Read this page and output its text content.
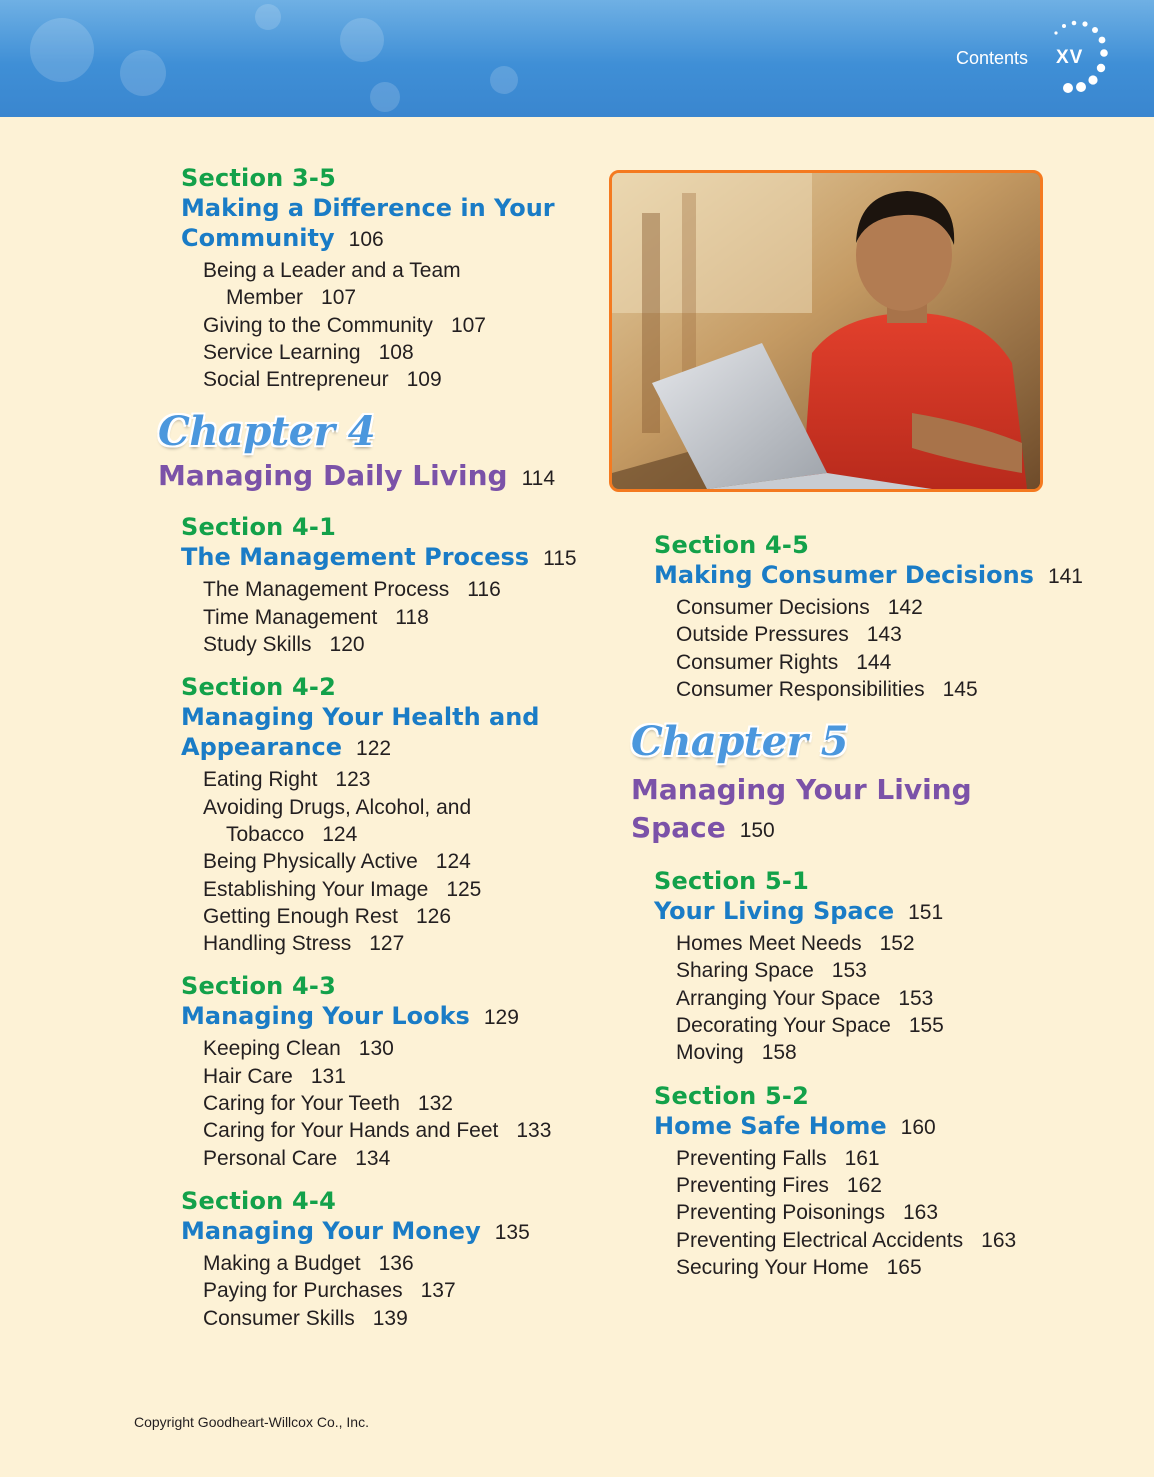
Contents XV
Section 3-5
Making a Difference in Your
Community 106
Being a Leader and a Team
Member 107
Giving to the Community 107
Service Learning 108
Social Entrepreneur 109
Chapter 4
Managing Daily Living 114
Section 4-1
The Management Process 115
The Management Process 116
Time Management 118
Study Skills 120
Section 4-2
Managing Your Health and
Appearance 122
Eating Right 123
Avoiding Drugs, Alcohol, and
Tobacco 124
Being Physically Active 124
Establishing Your Image 125
Getting Enough Rest 126
Handling Stress 127
Section 4-3
Managing Your Looks 129
Keeping Clean 130
Hair Care 131
Caring for Your Teeth 132
Caring for Your Hands and Feet 133
Personal Care 134
Section 4-4
Managing Your Money 135
Making a Budget 136
Paying for Purchases 137
Consumer Skills 139
Section 4-5
Making Consumer Decisions 141
Consumer Decisions 142
Outside Pressures 143
Consumer Rights 144
Consumer Responsibilities 145
Chapter 5
Managing Your Living
Space 150
Section 5-1
Your Living Space 151
Homes Meet Needs 152
Sharing Space 153
Arranging Your Space 153
Decorating Your Space 155
Moving 158
Section 5-2
Home Safe Home 160
Preventing Falls 161
Preventing Fires 162
Preventing Poisonings 163
Preventing Electrical Accidents 163
Securing Your Home 165
Copyright Goodheart-Willcox Co., Inc.
